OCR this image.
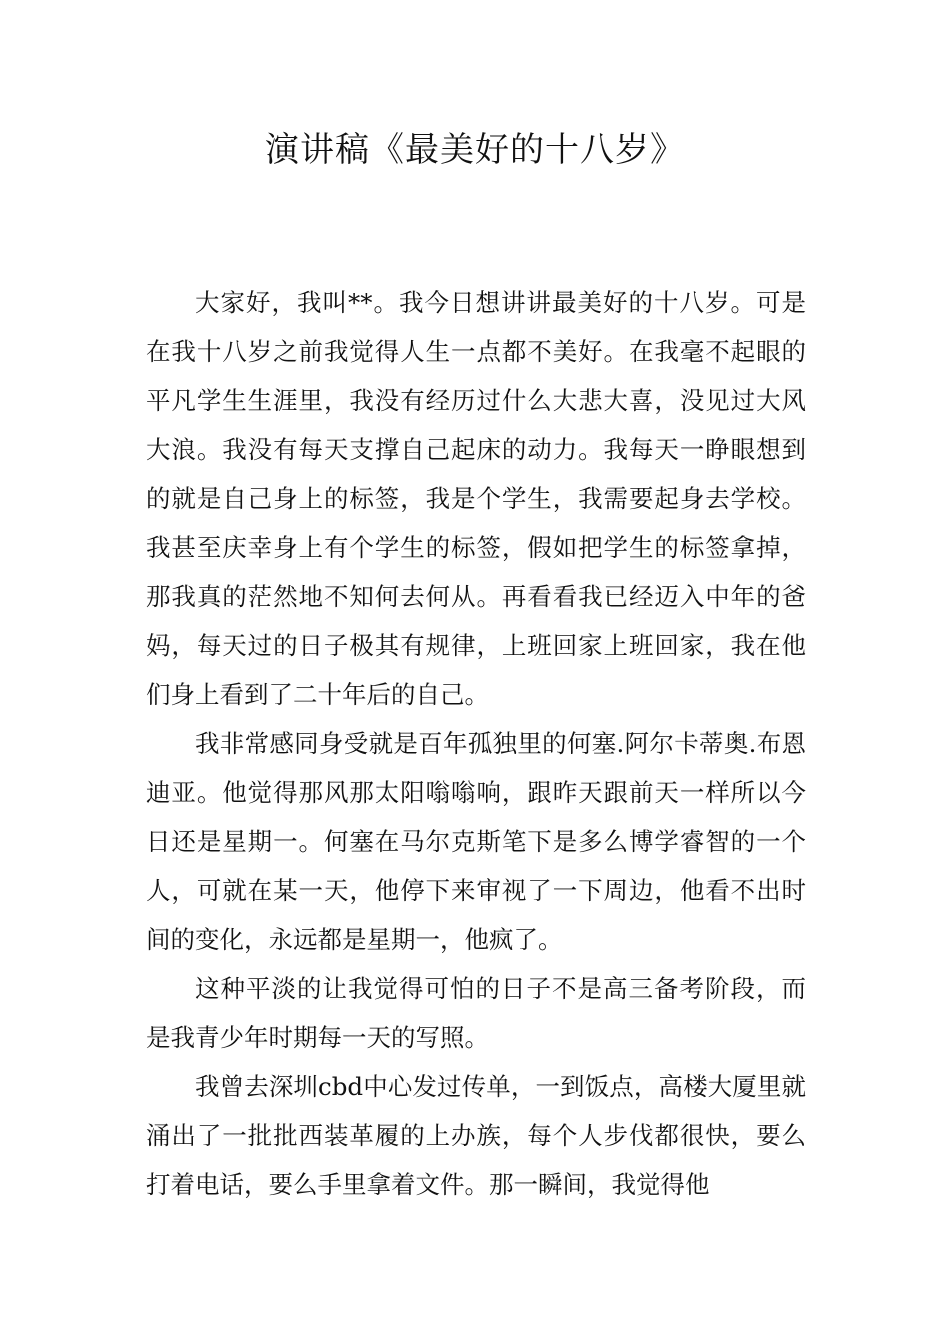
演讲稿《最美好的十八岁》

大家好，我叫**。我今日想讲讲最美好的十八岁。可是在我十八岁之前我觉得人生一点都不美好。在我毫不起眼的平凡学生生涯里，我没有经历过什么大悲大喜，没见过大风大浪。我没有每天支撑自己起床的动力。我每天一睁眼想到的就是自己身上的标签，我是个学生，我需要起身去学校。我甚至庆幸身上有个学生的标签，假如把学生的标签拿掉，那我真的茫然地不知何去何从。再看看我已经迈入中年的爸妈，每天过的日子极其有规律，上班回家上班回家，我在他们身上看到了二十年后的自己。

我非常感同身受就是百年孤独里的何塞.阿尔卡蒂奥.布恩迪亚。他觉得那风那太阳嗡嗡响，跟昨天跟前天一样所以今日还是星期一。何塞在马尔克斯笔下是多么博学睿智的一个人，可就在某一天，他停下来审视了一下周边，他看不出时间的变化，永远都是星期一，他疯了。

这种平淡的让我觉得可怕的日子不是高三备考阶段，而是我青少年时期每一天的写照。

我曾去深圳cbd中心发过传单，一到饭点，高楼大厦里就涌出了一批批西装革履的上办族，每个人步伐都很快，要么打着电话，要么手里拿着文件。那一瞬间，我觉得他
